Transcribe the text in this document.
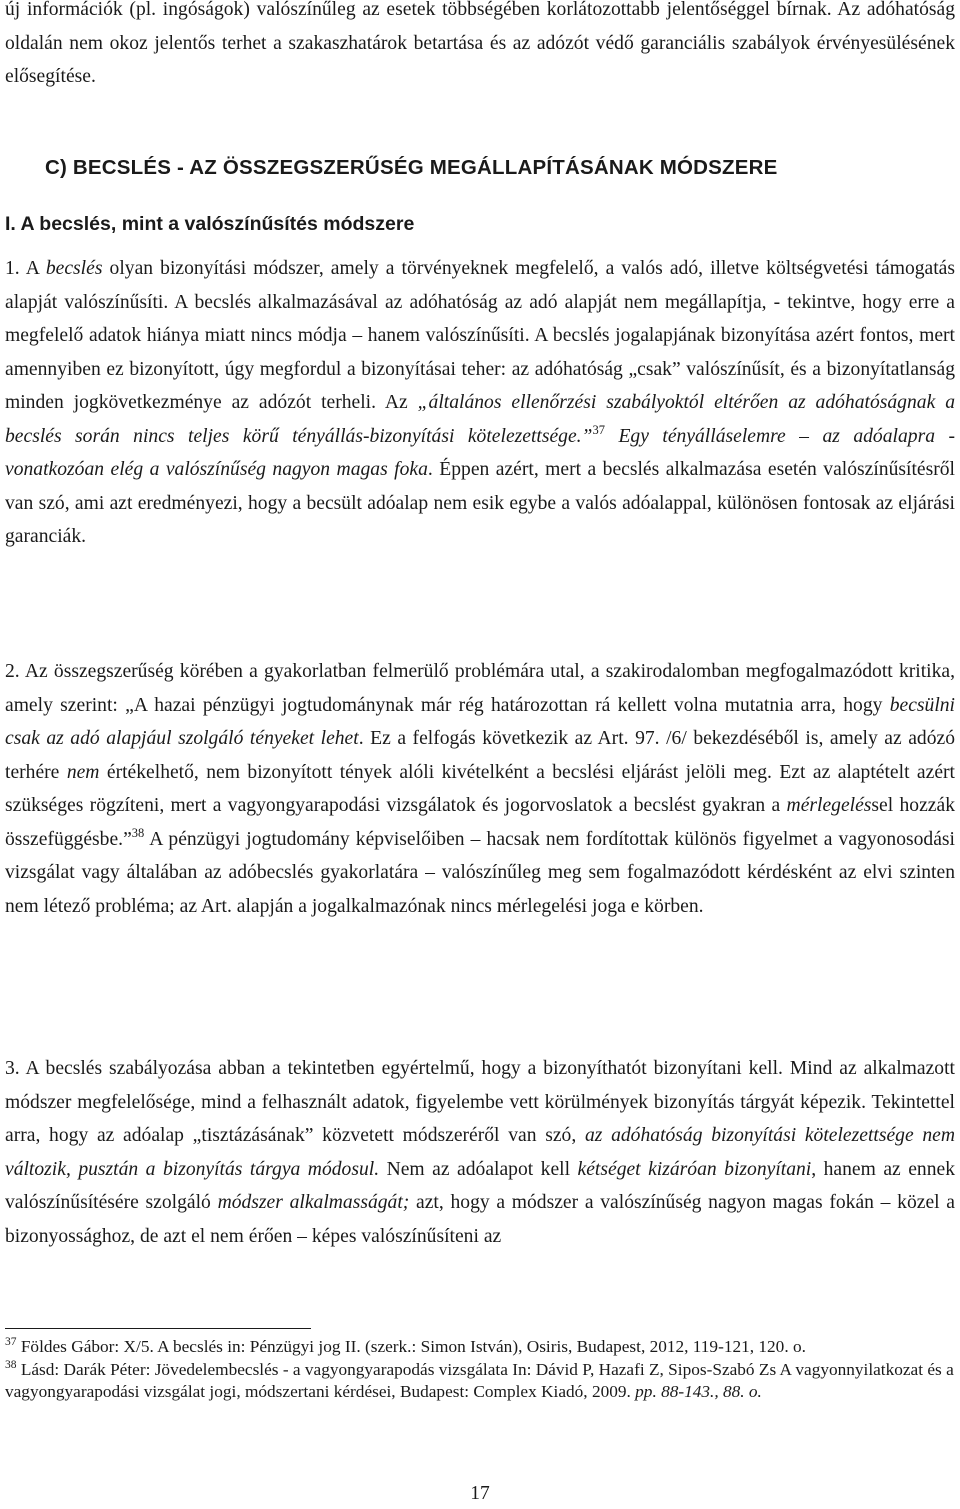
új információk (pl. ingóságok) valószínűleg az esetek többségében korlátozottabb jelentőséggel bírnak. Az adóhatóság oldalán nem okoz jelentős terhet a szakaszhatárok betartása és az adózót védő garanciális szabályok érvényesülésének elősegítése.

C) BECSLÉS - AZ ÖSSZEGSZERŰSÉG MEGÁLLAPÍTÁSÁNAK MÓDSZERE
I. A becslés, mint a valószínűsítés módszere

1. A becslés olyan bizonyítási módszer, amely a törvényeknek megfelelő, a valós adó, illetve költségvetési támogatás alapját valószínűsíti. A becslés alkalmazásával az adóhatóság az adó alapját nem megállapítja, - tekintve, hogy erre a megfelelő adatok hiánya miatt nincs módja – hanem valószínűsíti. A becslés jogalapjának bizonyítása azért fontos, mert amennyiben ez bizonyított, úgy megfordul a bizonyításai teher: az adóhatóság „csak” valószínűsít, és a bizonyítatlanság minden jogkövetkezménye az adózót terheli. Az „általános ellenőrzési szabályoktól eltérően az adóhatóságnak a becslés során nincs teljes körű tényállás-bizonyítási kötelezettsége.”$^{37}$ Egy tényálláselemre – az adóalapra - vonatkozóan elég a valószínűség nagyon magas foka. Éppen azért, mert a becslés alkalmazása esetén valószínűsítésről van szó, ami azt eredményezi, hogy a becsült adóalap nem esik egybe a valós adóalappal, különösen fontosak az eljárási garanciák.

2. Az összegszerűség körében a gyakorlatban felmerülő problémára utal, a szakirodalomban megfogalmazódott kritika, amely szerint: „A hazai pénzügyi jogtudománynak már rég határozottan rá kellett volna mutatnia arra, hogy becsülni csak az adó alapjául szolgáló tényeket lehet. Ez a felfogás következik az Art. 97. /6/ bekezdéséből is, amely az adózó terhére nem értékelhető, nem bizonyított tények alóli kivételként a becslési eljárást jelöli meg. Ezt az alaptételt azért szükséges rögzíteni, mert a vagyongyarapodási vizsgálatok és jogorvoslatok a becslést gyakran a mérlegeléssel hozzák összefüggésbe.”$^{38}$ A pénzügyi jogtudomány képviselőiben – hacsak nem fordítottak különös figyelmet a vagyonosodási vizsgálat vagy általában az adóbecslés gyakorlatára – valószínűleg meg sem fogalmazódott kérdésként az elvi szinten nem létező probléma; az Art. alapján a jogalkalmazónak nincs mérlegelési joga e körben.

3. A becslés szabályozása abban a tekintetben egyértelmű, hogy a bizonyíthatót bizonyítani kell. Mind az alkalmazott módszer megfelelősége, mind a felhasznált adatok, figyelembe vett körülmények bizonyítás tárgyát képezik. Tekintettel arra, hogy az adóalap „tisztázásának” közvetett módszeréről van szó, az adóhatóság bizonyítási kötelezettsége nem változik, pusztán a bizonyítás tárgya módosul. Nem az adóalapot kell kétséget kizáróan bizonyítani, hanem az ennek valószínűsítésére szolgáló módszer alkalmasságát; azt, hogy a módszer a valószínűség nagyon magas fokán – közel a bizonyossághoz, de azt el nem érően – képes valószínűsíteni az

$^{37}$ Földes Gábor: X/5. A becslés in: Pénzügyi jog II. (szerk.: Simon István), Osiris, Budapest, 2012, 119-121, 120. o.

$^{38}$ Lásd: Darák Péter: Jövedelembecslés - a vagyongyarapodás vizsgálata In: Dávid P, Hazafi Z, Sipos-Szabó Zs A vagyonnyilatkozat és a vagyongyarapodási vizsgálat jogi, módszertani kérdései, Budapest: Complex Kiadó, 2009. pp. 88-143., 88. o.

17
